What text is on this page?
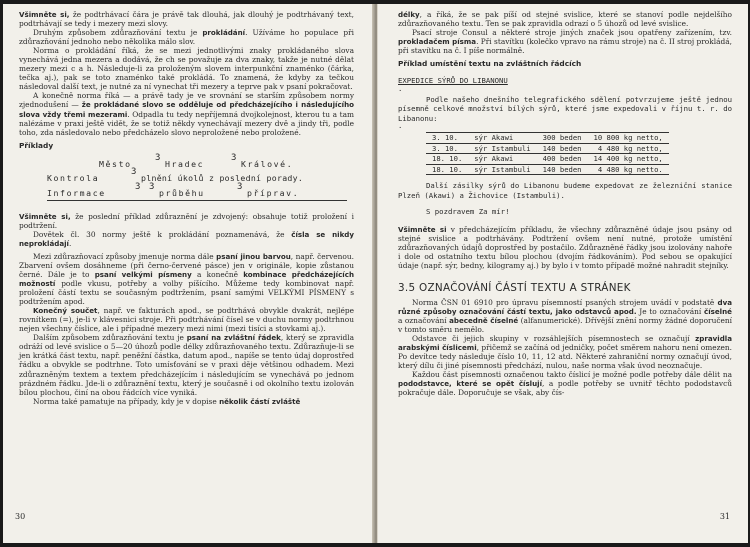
Všimněte si, že podtrhávací čára je právě tak dlouhá, jak dlouhý je podtrhávaný text, podtrhávají se tedy i mezery mezi slovy.

Druhým způsobem zdůrazňování textu je prokládání. Užíváme ho populace při zdůrazňování jednoho nebo několika málo slov.

Norma o prokládání říká, že se mezi jednotlivými znaky prokládaného slova vynechává jedna mezera a dodává, že ch se považuje za dva znaky, takže je nutné dělat mezery mezi c a h. Následuje-li za proloženým slovem interpunkční znaménko (čárka, tečka aj.), pak se toto znaménko také prokládá. To znamená, že kdyby za tečkou následoval další text, je nutné za ní vynechat tři mezery a teprve pak v psaní pokračovat.

A konečně norma říká — a právě tady je ve srovnání se starším způsobem normy zjednodušení — že prokládané slovo se odděluje od předcházejícího i následujícího slova vždy třemi mezerami. Odpadla tu tedy nepříjemná dvojkolejnost, kterou tu a tam nalézáme v praxi ještě vidět, že se totiž někdy vynechávají mezery dvě a jindy tři, podle toho, zda následovalo nebo předcházelo slovo neproložené nebo proložené.

Příklady
Město
3
Hradec
3
Králové.
Kontrola
3
plnění úkolů z poslední porady.
Informace
3 3
průběhu
3
příprav.

Všimněte si, že poslední příklad zdůraznění je zdvojený: obsahuje totiž proložení i podtržení.

Dovětek čl. 30 normy ještě k prokládání poznamenává, že čísla se nikdy neprokládají.

Mezi zdůrazňovací způsoby jmenuje norma dále psaní jinou barvou, např. červenou. Zbarvení ovšem dosáhneme (při černo-červené pásce) jen v originále, kopie zůstanou černé. Dále je to psaní velkými písmeny a konečně kombinace předcházejících možností podle vkusu, potřeby a volby píšícího. Můžeme tedy kombinovat např. proložení částí textu se současným podtržením, psaní samými VELKÝMI PÍSMENY s podtržením apod.

Konečný součet, např. ve fakturách apod., se podtrhává obvykle dvakrát, nejlépe rovnítkem (=), je-li v klávesnici stroje. Při podtrhávání čísel se v duchu normy podtrhnou nejen všechny číslice, ale i případné mezery mezi nimi (mezi tisíci a stovkami aj.).

Dalším způsobem zdůrazňování textu je psaní na zvláštní řádek, který se zpravidla odráží od levé svislice o 5—20 úhozů podle délky zdůrazňovaného textu. Zdůrazňuje-li se jen krátká část textu, např. peněžní částka, datum apod., napíše se tento údaj doprostřed řádku a obvykle se podtrhne. Toto umísťování se v praxi děje většinou odhadem. Mezi zdůrazněným textem a textem předcházejícím i následujícím se vynechává po jednom prázdném řádku. Jde-li o zdůraznění textu, který je současně i od okolního textu izolován bílou plochou, činí na obou řádcích více vyniká.

Norma také pamatuje na případy, kdy je v dopise několik částí zvláště

30

délky, a říká, že se pak píší od stejné svislice, které se stanoví podle nejdelšího zdůrazňovaného textu. Ten se pak zpravidla odrazí o 5 úhozů od levé svislice.

Psací stroje Consul a některé stroje jiných značek jsou opatřeny zařízením, tzv. prokladačem písma. Při stavítku (kolečko vpravo na rámu stroje) na č. II stroj prokládá, při stavítku na č. I píše normálně.

Příklad umístění textu na zvláštních řádcích
EXPEDICE SÝRŮ DO LIBANONU
·

Podle našeho dnešního telegrafického sdělení potvrzujeme ještě jednou písemně celkové množství bílých sýrů, které jsme expedovali v říjnu t. r. do Libanonu:

·
3. 10.	sýr Akawi	300 beden	10 800 kg netto,
3. 10.	sýr Istambuli	140 beden	4 480 kg netto,
18. 10.	sýr Akawi	400 beden	14 400 kg netto,
18. 10.	sýr Istambuli	140 beden	4 480 kg netto.

Další zásilky sýrů do Libanonu budeme expedovat ze železniční stanice Plzeň (Akawi) a Žichovice (Istambuli).

S pozdravem Za mír!

Všimněte si v předcházejícím příkladu, že všechny zdůrazněné údaje jsou psány od stejné svislice a podtrhávány. Podtržení ovšem není nutné, protože umístění zdůrazňovaných údajů doprostřed by postačilo. Zdůrazněné řádky jsou izolovány nahoře i dole od ostatního textu bílou plochou (dvojím řádkováním). Pod sebou se opakující údaje (např. sýr, bedny, kilogramy aj.) by bylo i v tomto případě možné nahradit stejníky.

3.5 OZNAČOVÁNÍ ČÁSTÍ TEXTU A STRÁNEK

Norma ČSN 01 6910 pro úpravu písemností psaných strojem uvádí v podstatě dva různé způsoby označování částí textu, jako odstavců apod. Je to označování číselné a označování abecedně číselné (alfanumerické). Dřívější znění normy žádné doporučení v tomto směru nemělo.

Odstavce či jejich skupiny v rozsáhlejších písemnostech se označují zpravidla arabskými číslicemi, přičemž se začíná od jedničky, počet směrem nahoru není omezen. Po devítce tedy následuje číslo 10, 11, 12 atd. Některé zahraniční normy označují úvod, který dílu či jiné písemnosti předchází, nulou, naše norma však úvod neoznačuje.

Každou část písemnosti označenou takto číslicí je možné podle potřeby dále dělit na pododstavce, které se opět číslují, a podle potřeby se uvnitř těchto pododstavců pokračuje dále. Doporučuje se však, aby čís-

31
